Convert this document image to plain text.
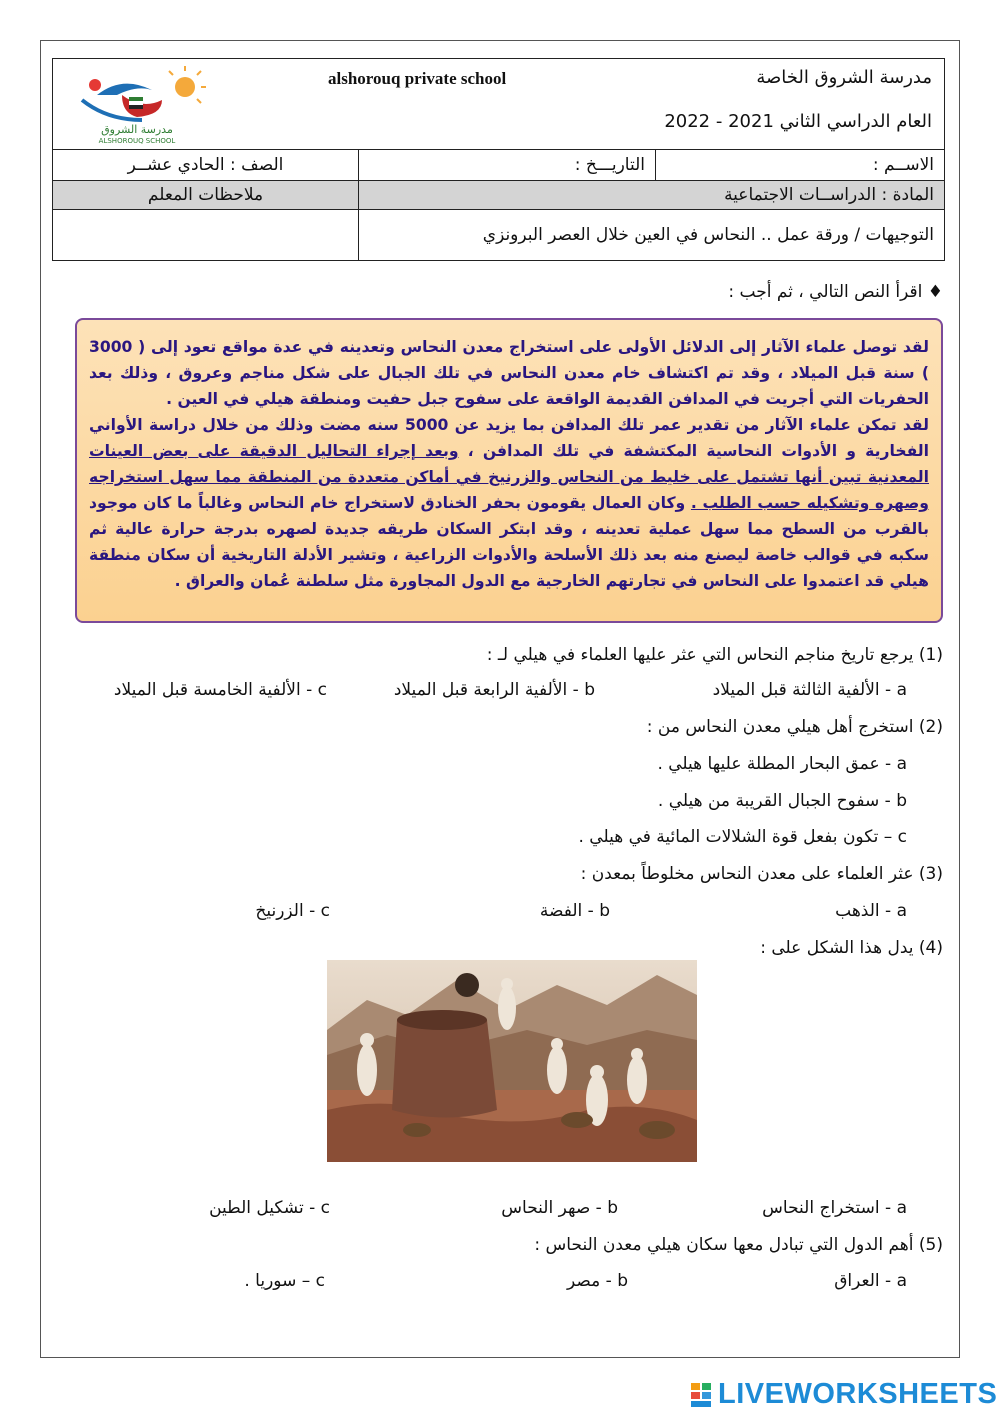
مدرسة الشروق
ALSHOROUQ SCHOOL
alshorouq private school	مدرسة الشروق الخاصة
العام الدراسي الثاني 2021 - 2022
الصف : الحادي عشــر	التاريـــخ :	الاســم :
ملاحظات المعلم	المادة : الدراســات الاجتماعية
التوجيهات / ورقة عمل .. النحاس في العين خلال العصر البرونزي
♦ اقرأ النص التالي ، ثم أجب :

لقد توصل علماء الآثار إلى الدلائل الأولى على استخراج معدن النحاس وتعدينه في عدة مواقع تعود إلى ( 3000 ) سنة قبل الميلاد ، وقد تم اكتشاف خام معدن النحاس في تلك الجبال على شكل مناجم وعروق ، وذلك بعد الحفريات التي أجريت في المدافن القديمة الواقعة على سفوح جبل حفيت ومنطقة هيلي في العين .

لقد تمكن علماء الآثار من تقدير عمر تلك المدافن بما يزيد عن 5000 سنه مضت وذلك من خلال دراسة الأواني الفخارية و الأدوات النحاسية المكتشفة في تلك المدافن ، وبعد إجراء التحاليل الدقيقة على بعض العينات المعدنية تبين أنها تشتمل على خليط من النحاس والزرنيخ في أماكن متعددة من المنطقة مما سهل استخراجه وصهره وتشكيله حسب الطلب . وكان العمال يقومون بحفر الخنادق لاستخراج خام النحاس وغالباً ما كان موجود بالقرب من السطح مما سهل عملية تعدينه ، وقد ابتكر السكان طريقه جديدة لصهره بدرجة حرارة عالية ثم سكبه في قوالب خاصة ليصنع منه بعد ذلك الأسلحة والأدوات الزراعية ، وتشير الأدلة التاريخية أن سكان منطقة هيلي قد اعتمدوا على النحاس في تجارتهم الخارجية مع الدول المجاورة مثل سلطنة عُمان والعراق .

(1) يرجع تاريخ مناجم النحاس التي عثر عليها العلماء في هيلي لـ :
a - الألفية الثالثة قبل الميلاد
b - الألفية الرابعة قبل الميلاد
c - الألفية الخامسة قبل الميلاد
(2) استخرج أهل هيلي معدن النحاس من :
a - عمق البحار المطلة عليها هيلي .
b - سفوح الجبال القريبة من هيلي .
c – تكون بفعل قوة الشلالات المائية في هيلي .
(3) عثر العلماء على معدن النحاس مخلوطاً بمعدن :
a - الذهب
b - الفضة
c - الزرنيخ
(4) يدل هذا الشكل على :
a - استخراج النحاس
b - صهر النحاس
c - تشكيل الطين
(5) أهم الدول التي تبادل معها سكان هيلي معدن النحاس :
a - العراق
b - مصر
c – سوريا .
LIVEWORKSHEETS
